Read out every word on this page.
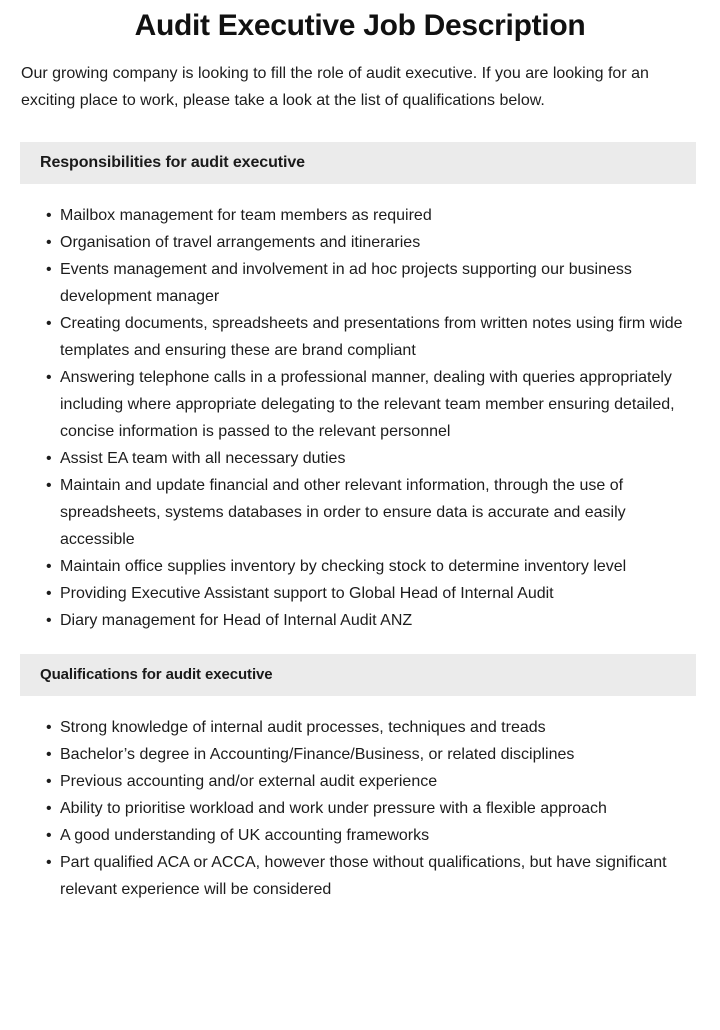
Audit Executive Job Description

Our growing company is looking to fill the role of audit executive. If you are looking for an exciting place to work, please take a look at the list of qualifications below.

Responsibilities for audit executive
• Mailbox management for team members as required
• Organisation of travel arrangements and itineraries
• Events management and involvement in ad hoc projects supporting our business development manager
• Creating documents, spreadsheets and presentations from written notes using firm wide templates and ensuring these are brand compliant
• Answering telephone calls in a professional manner, dealing with queries appropriately including where appropriate delegating to the relevant team member ensuring detailed, concise information is passed to the relevant personnel
• Assist EA team with all necessary duties
• Maintain and update financial and other relevant information, through the use of spreadsheets, systems databases in order to ensure data is accurate and easily accessible
• Maintain office supplies inventory by checking stock to determine inventory level
• Providing Executive Assistant support to Global Head of Internal Audit
• Diary management for Head of Internal Audit ANZ
Qualifications for audit executive
• Strong knowledge of internal audit processes, techniques and treads
• Bachelor’s degree in Accounting/Finance/Business, or related disciplines
• Previous accounting and/or external audit experience
• Ability to prioritise workload and work under pressure with a flexible approach
• A good understanding of UK accounting frameworks
• Part qualified ACA or ACCA, however those without qualifications, but have significant relevant experience will be considered
